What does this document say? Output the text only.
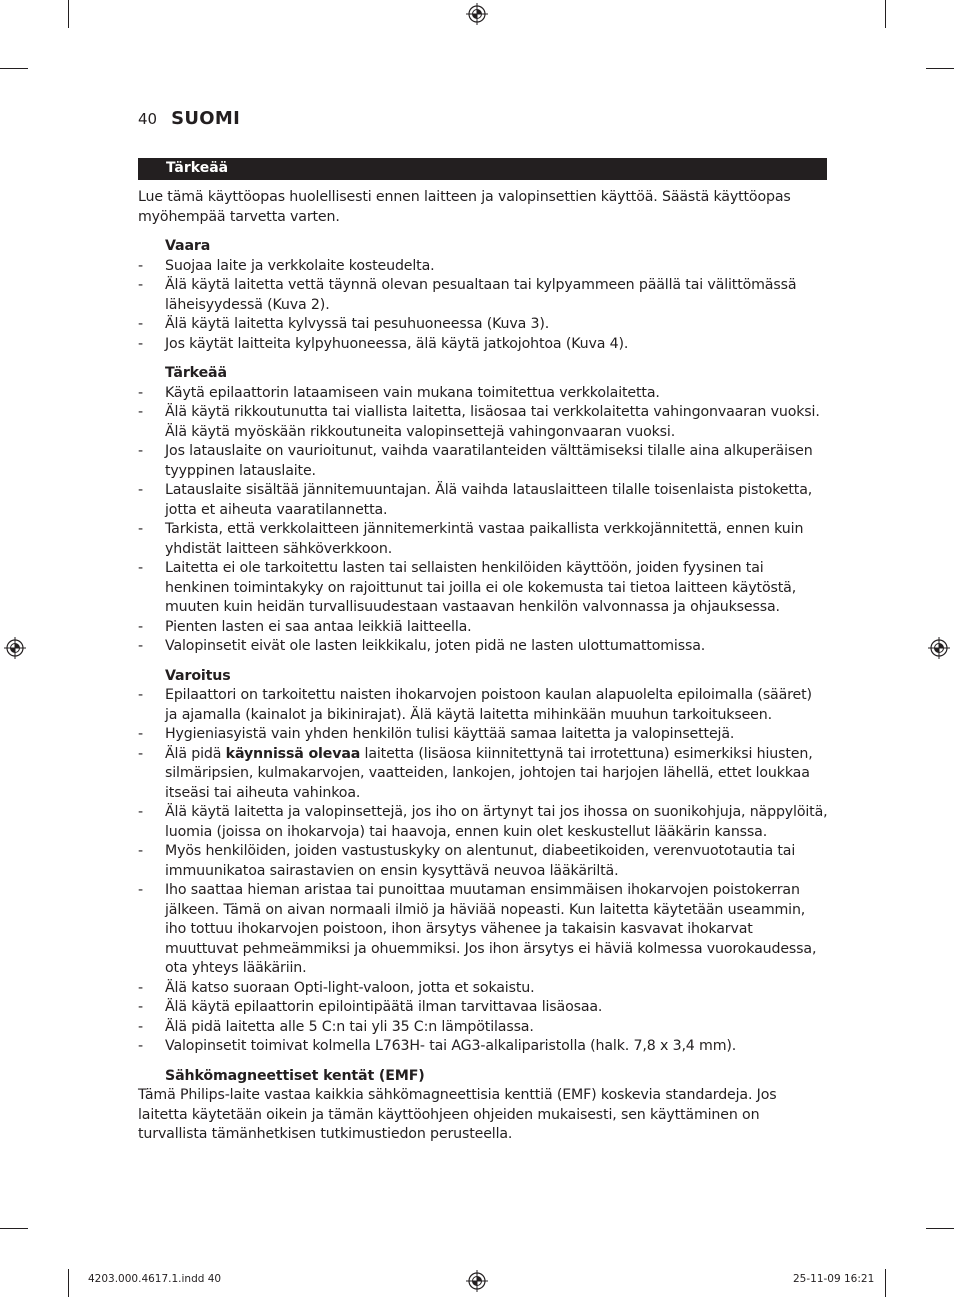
40 SUOMI
Tärkeää

Lue tämä käyttöopas huolellisesti ennen laitteen ja valopinsettien käyttöä. Säästä käyttöopas myöhempää tarvetta varten.

Vaara
- Suojaa laite ja verkkolaite kosteudelta.
- Älä käytä laitetta vettä täynnä olevan pesualtaan tai kylpyammeen päällä tai välittömässä läheisyydessä (Kuva 2).
- Älä käytä laitetta kylvyssä tai pesuhuoneessa (Kuva 3).
- Jos käytät laitteita kylpyhuoneessa, älä käytä jatkojohtoa (Kuva 4).
Tärkeää
- Käytä epilaattorin lataamiseen vain mukana toimitettua verkkolaitetta.
- Älä käytä rikkoutunutta tai viallista laitetta, lisäosaa tai verkkolaitetta vahingonvaaran vuoksi. Älä käytä myöskään rikkoutuneita valopinsettejä vahingonvaaran vuoksi.
- Jos latauslaite on vaurioitunut, vaihda vaaratilanteiden välttämiseksi tilalle aina alkuperäisen tyyppinen latauslaite.
- Latauslaite sisältää jännitemuuntajan. Älä vaihda latauslaitteen tilalle toisenlaista pistoketta, jotta et aiheuta vaaratilannetta.
- Tarkista, että verkkolaitteen jännitemerkintä vastaa paikallista verkkojännitettä, ennen kuin yhdistät laitteen sähköverkkoon.
- Laitetta ei ole tarkoitettu lasten tai sellaisten henkilöiden käyttöön, joiden fyysinen tai henkinen toimintakyky on rajoittunut tai joilla ei ole kokemusta tai tietoa laitteen käytöstä, muuten kuin heidän turvallisuudestaan vastaavan henkilön valvonnassa ja ohjauksessa.
- Pienten lasten ei saa antaa leikkiä laitteella.
- Valopinsetit eivät ole lasten leikkikalu, joten pidä ne lasten ulottumattomissa.
Varoitus
- Epilaattori on tarkoitettu naisten ihokarvojen poistoon kaulan alapuolelta epiloimalla (sääret) ja ajamalla (kainalot ja bikinirajat). Älä käytä laitetta mihinkään muuhun tarkoitukseen.
- Hygieniasyistä vain yhden henkilön tulisi käyttää samaa laitetta ja valopinsettejä.
- Älä pidä käynnissä olevaa laitetta (lisäosa kiinnitettynä tai irrotettuna) esimerkiksi hiusten, silmäripsien, kulmakarvojen, vaatteiden, lankojen, johtojen tai harjojen lähellä, ettet loukkaa itseäsi tai aiheuta vahinkoa.
- Älä käytä laitetta ja valopinsettejä, jos iho on ärtynyt tai jos ihossa on suonikohjuja, näppylöitä, luomia (joissa on ihokarvoja) tai haavoja, ennen kuin olet keskustellut lääkärin kanssa.
- Myös henkilöiden, joiden vastustuskyky on alentunut, diabeetikoiden, verenvuototautia tai immuunikatoa sairastavien on ensin kysyttävä neuvoa lääkäriltä.
- Iho saattaa hieman aristaa tai punoittaa muutaman ensimmäisen ihokarvojen poistokerran jälkeen. Tämä on aivan normaali ilmiö ja häviää nopeasti. Kun laitetta käytetään useammin, iho tottuu ihokarvojen poistoon, ihon ärsytys vähenee ja takaisin kasvavat ihokarvat muuttuvat pehmeämmiksi ja ohuemmiksi. Jos ihon ärsytys ei häviä kolmessa vuorokaudessa, ota yhteys lääkäriin.
- Älä katso suoraan Opti-light-valoon, jotta et sokaistu.
- Älä käytä epilaattorin epilointipäätä ilman tarvittavaa lisäosaa.
- Älä pidä laitetta alle 5 C:n tai yli 35 C:n lämpötilassa.
- Valopinsetit toimivat kolmella L763H- tai AG3-alkaliparistolla (halk. 7,8 x 3,4 mm).
Sähkömagneettiset kentät (EMF)

Tämä Philips-laite vastaa kaikkia sähkömagneettisia kenttiä (EMF) koskevia standardeja. Jos laitetta käytetään oikein ja tämän käyttöohjeen ohjeiden mukaisesti, sen käyttäminen on turvallista tämänhetkisen tutkimustiedon perusteella.

4203.000.4617.1.indd 40	25-11-09 16:21
